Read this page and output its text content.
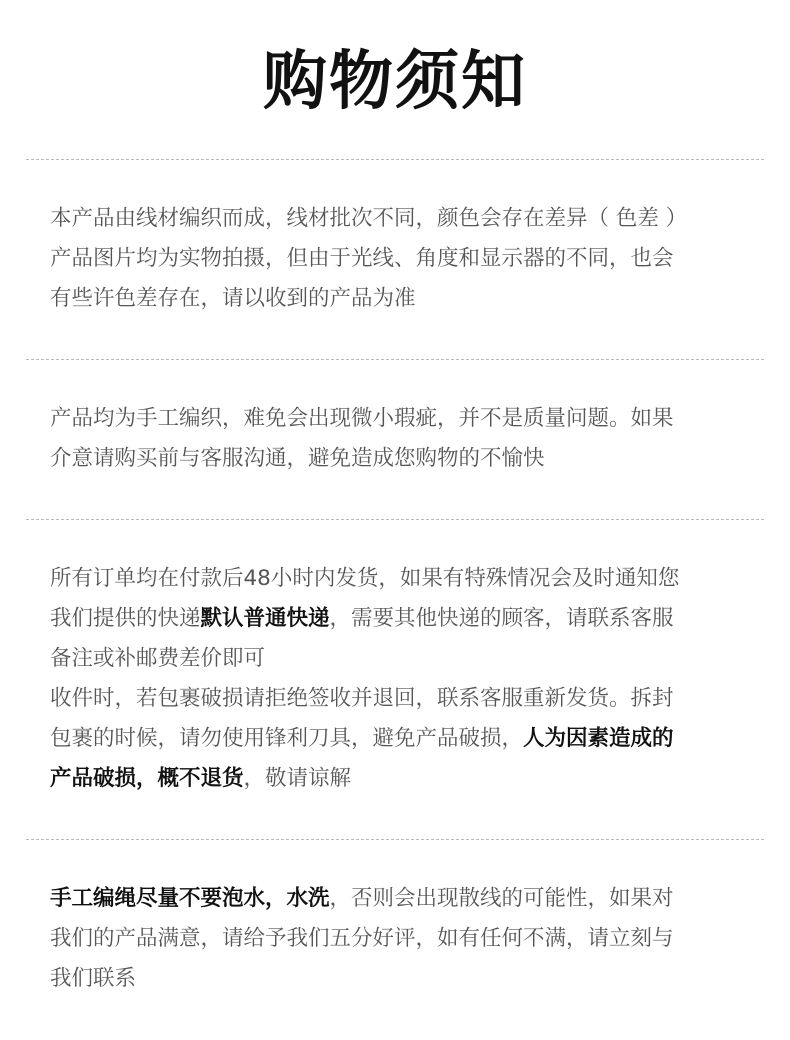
购物须知
本产品由线材编织而成，线材批次不同，颜色会存在差异（ 色差 ）
产品图片均为实物拍摄，但由于光线、角度和显示器的不同，也会
有些许色差存在，请以收到的产品为准
产品均为手工编织，难免会出现微小瑕疵，并不是质量问题。如果
介意请购买前与客服沟通，避免造成您购物的不愉快
所有订单均在付款后48小时内发货，如果有特殊情况会及时通知您
我们提供的快递默认普通快递，需要其他快递的顾客，请联系客服
备注或补邮费差价即可
收件时，若包裹破损请拒绝签收并退回，联系客服重新发货。拆封
包裹的时候，请勿使用锋利刀具，避免产品破损，人为因素造成的
产品破损，概不退货，敬请谅解
手工编绳尽量不要泡水，水洗，否则会出现散线的可能性，如果对
我们的产品满意，请给予我们五分好评，如有任何不满，请立刻与
我们联系
